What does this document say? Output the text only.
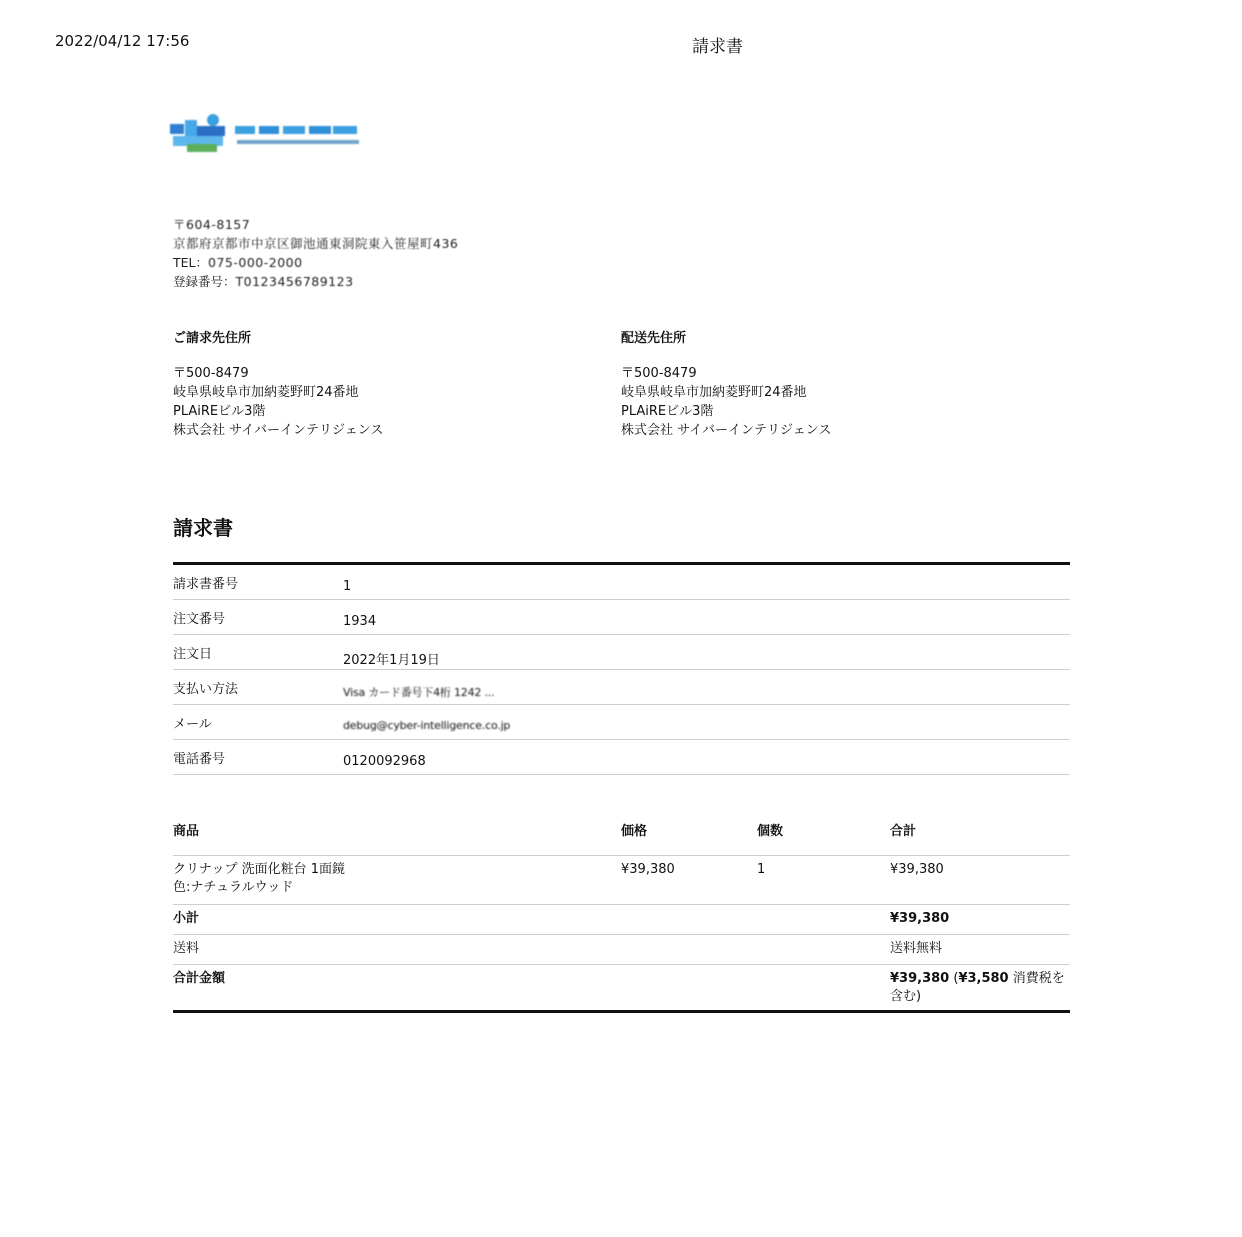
2022/04/12 17:56	請求書
〒604-8157
京都府京都市中京区御池通東洞院東入笹屋町436
TEL：075-000-2000
登録番号：T0123456789123
ご請求先住所
〒500-8479
岐阜県岐阜市加納菱野町24番地
PLAiREビル3階
株式会社 サイバーインテリジェンス
配送先住所
〒500-8479
岐阜県岐阜市加納菱野町24番地
PLAiREビル3階
株式会社 サイバーインテリジェンス
請求書
請求書番号	1
注文番号	1934
注文日	2022年1月19日
支払い方法	Visa カード番号下4桁 1242 ...
メール	debug@cyber-intelligence.co.jp
電話番号	0120092968
商品	価格	個数	合計

クリナップ 洗面化粧台 1面鏡
色:ナチュラルウッド	¥39,380	1	¥39,380
小計			¥39,380
送料			送料無料
合計金額			¥39,380 (¥3,580 消費税を含む)
